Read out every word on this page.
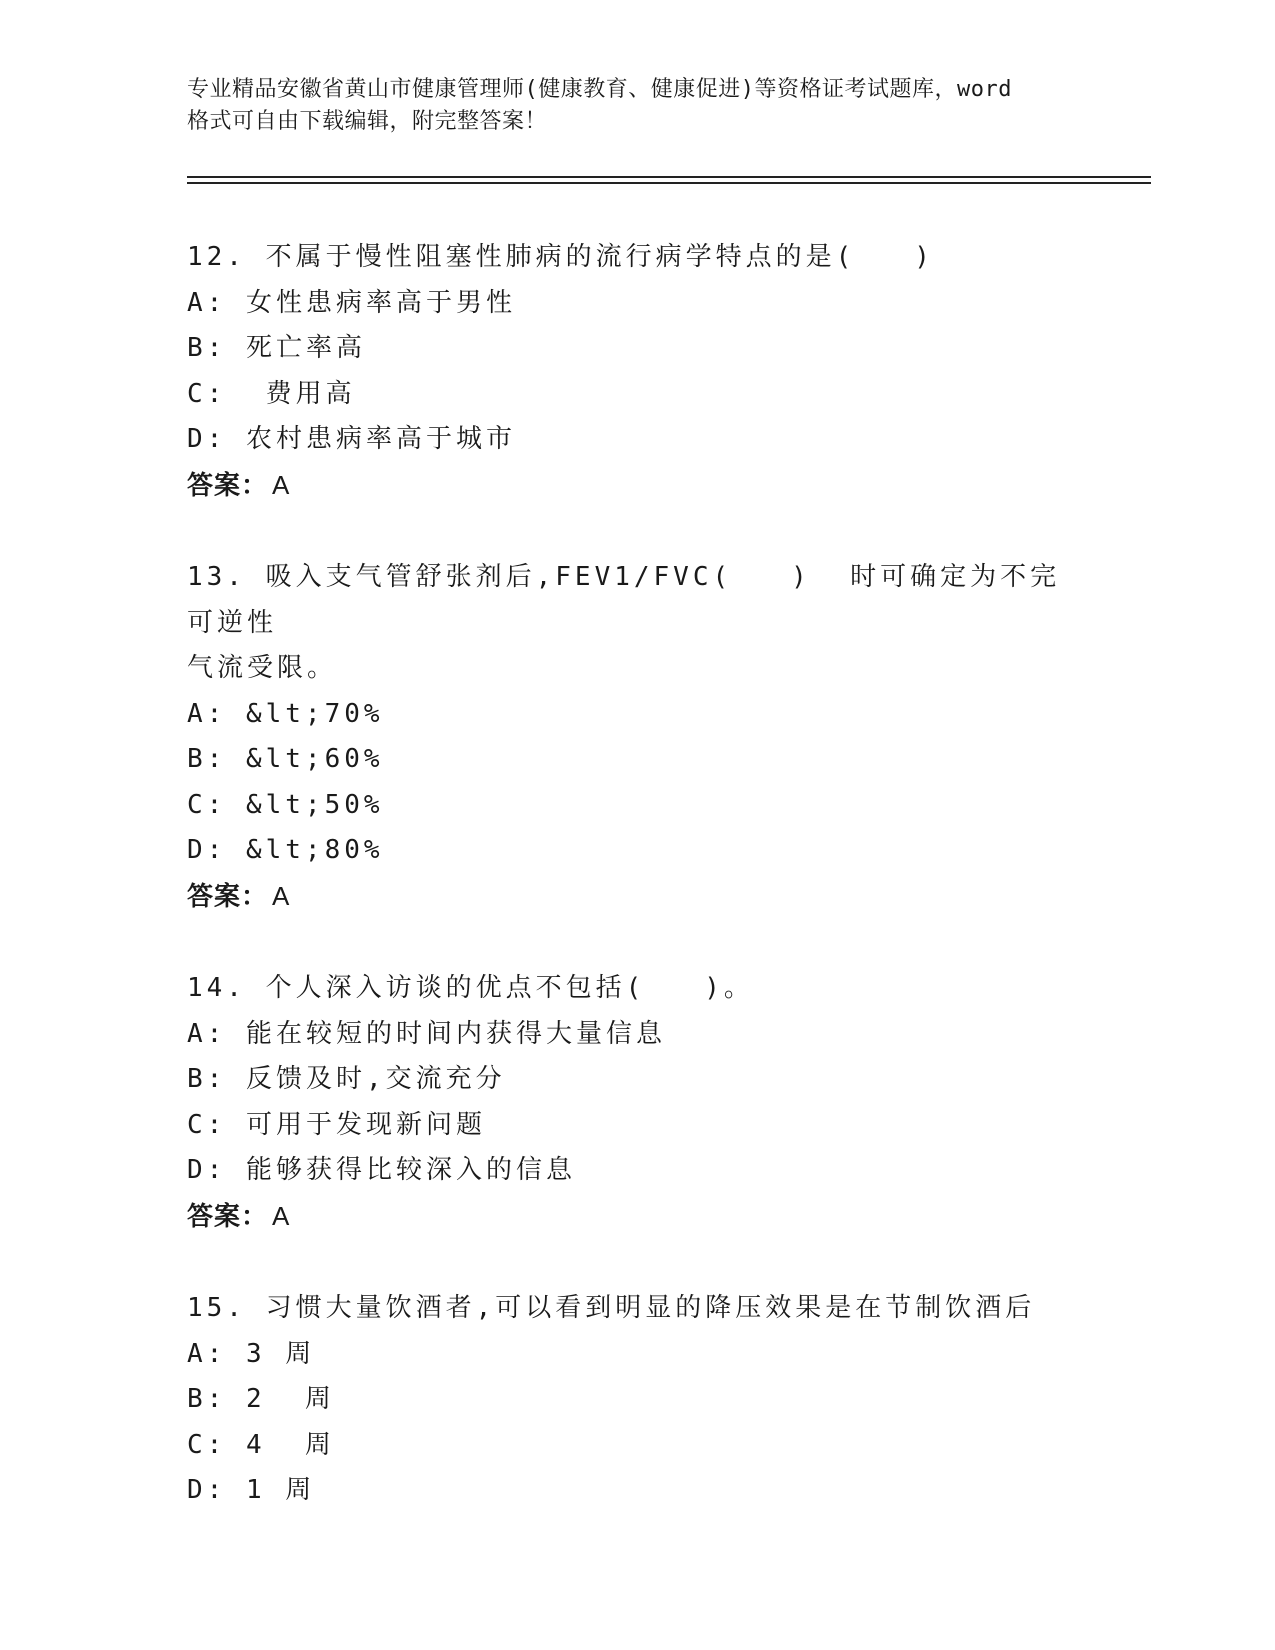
专业精品安徽省黄山市健康管理师(健康教育、健康促进)等资格证考试题库，word
格式可自由下载编辑，附完整答案！
12. 不属于慢性阻塞性肺病的流行病学特点的是(   )
A: 女性患病率高于男性
B: 死亡率高
C:  费用高
D: 农村患病率高于城市
答案： A
13. 吸入支气管舒张剂后,FEV1/FVC(   )  时可确定为不完可逆性
气流受限。
A: &lt;70%
B: &lt;60%
C: &lt;50%
D: &lt;80%
答案： A
14. 个人深入访谈的优点不包括(   )。
A: 能在较短的时间内获得大量信息
B: 反馈及时,交流充分
C: 可用于发现新问题
D: 能够获得比较深入的信息
答案： A
15. 习惯大量饮酒者,可以看到明显的降压效果是在节制饮酒后
A: 3 周
B: 2  周
C: 4  周
D: 1 周
